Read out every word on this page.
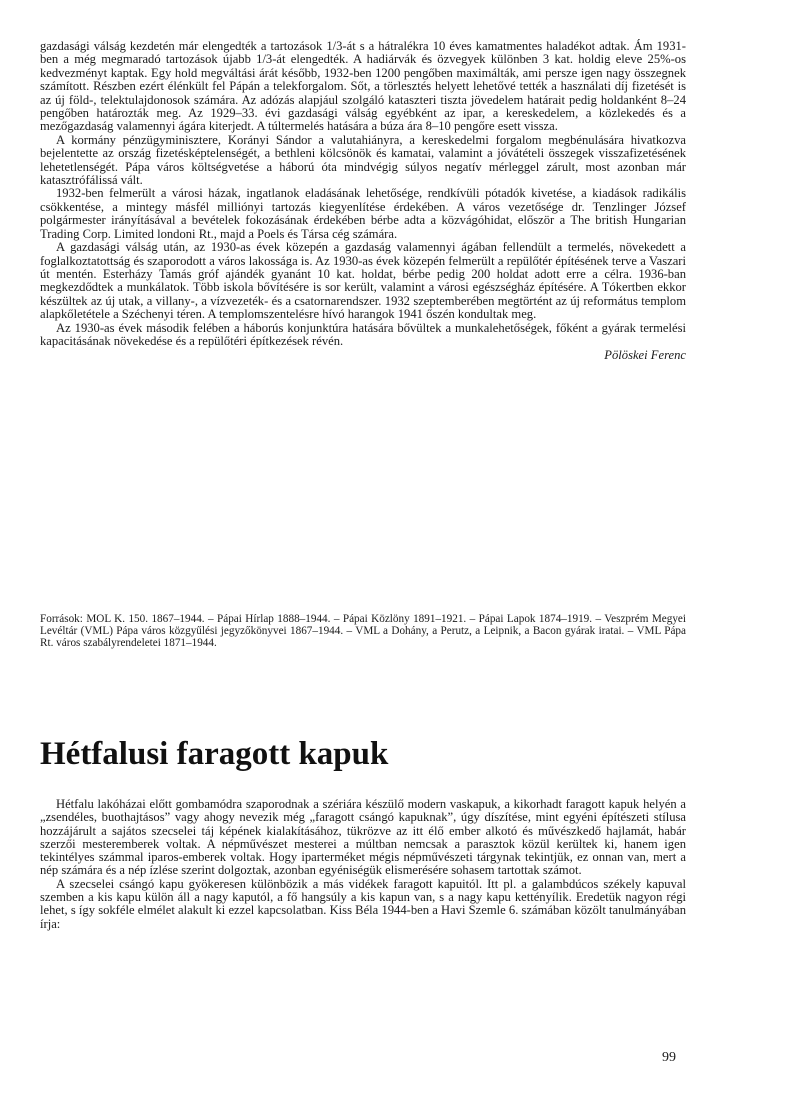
gazdasági válság kezdetén már elengedték a tartozások 1/3-át s a hátralékra 10 éves kamatmentes haladékot adtak. Ám 1931-ben a még megmaradó tartozások újabb 1/3-át elengedték. A hadiárvák és özvegyek különben 3 kat. holdig eleve 25%-os kedvezményt kaptak. Egy hold megváltási árát később, 1932-ben 1200 pengőben maximálták, ami persze igen nagy összegnek számított. Részben ezért élénkült fel Pápán a telekforgalom. Sőt, a törlesztés helyett lehetővé tették a használati díj fizetését is az új föld-, telektulajdonosok számára. Az adózás alapjául szolgáló kataszteri tiszta jövedelem határait pedig holdanként 8–24 pengőben határozták meg. Az 1929–33. évi gazdasági válság egyébként az ipar, a kereskedelem, a közlekedés és a mezőgazdaság valamennyi ágára kiterjedt. A túltermelés hatására a búza ára 8–10 pengőre esett vissza.

A kormány pénzügyminisztere, Korányi Sándor a valutahiányra, a kereskedelmi forgalom megbénulására hivatkozva bejelentette az ország fizetésképtelenségét, a bethleni kölcsönök és kamatai, valamint a jóvátételi összegek visszafizetésének lehetetlenségét. Pápa város költségvetése a háború óta mindvégig súlyos negatív mérleggel zárult, most azonban már katasztrófálissá vált.

1932-ben felmerült a városi házak, ingatlanok eladásának lehetősége, rendkívüli pótadók kivetése, a kiadások radikális csökkentése, a mintegy másfél milliónyi tartozás kiegyenlítése érdekében. A város vezetősége dr. Tenzlinger József polgármester irányításával a bevételek fokozásának érdekében bérbe adta a közvágóhidat, először a The british Hungarian Trading Corp. Limited londoni Rt., majd a Poels és Társa cég számára.

A gazdasági válság után, az 1930-as évek közepén a gazdaság valamennyi ágában fellendült a termelés, növekedett a foglalkoztatottság és szaporodott a város lakossága is. Az 1930-as évek közepén felmerült a repülőtér építésének terve a Vaszari út mentén. Esterházy Tamás gróf ajándék gyanánt 10 kat. holdat, bérbe pedig 200 holdat adott erre a célra. 1936-ban megkezdődtek a munkálatok. Több iskola bővítésére is sor került, valamint a városi egészségház építésére. A Tókertben ekkor készültek az új utak, a villany-, a vízvezeték- és a csatornarendszer. 1932 szeptemberében megtörtént az új református templom alapkőletétele a Széchenyi téren. A templomszentelésre hívó harangok 1941 őszén kondultak meg.

Az 1930-as évek második felében a háborús konjunktúra hatására bővültek a munkalehetőségek, főként a gyárak termelési kapacitásának növekedése és a repülőtéri építkezések révén.

Pölöskei Ferenc

Források: MOL K. 150. 1867–1944. – Pápai Hírlap 1888–1944. – Pápai Közlöny 1891–1921. – Pápai Lapok 1874–1919. – Veszprém Megyei Levéltár (VML) Pápa város közgyűlési jegyzőkönyvei 1867–1944. – VML a Dohány, a Perutz, a Leipnik, a Bacon gyárak iratai. – VML Pápa Rt. város szabályrendeletei 1871–1944.
Hétfalusi faragott kapuk

Hétfalu lakóházai előtt gombamódra szaporodnak a szériára készülő modern vaskapuk, a kikorhadt faragott kapuk helyén a „zsendéles, buothajtásos” vagy ahogy nevezik még „faragott csángó kapuknak”, úgy díszítése, mint egyéni építészeti stílusa hozzájárult a sajátos szecselei táj képének kialakításához, tükrözve az itt élő ember alkotó és művészkedő hajlamát, habár szerzői mesteremberek voltak. A népművészet mesterei a múltban nemcsak a parasztok közül kerültek ki, hanem igen tekintélyes számmal iparos-emberek voltak. Hogy iparterméket mégis népművészeti tárgynak tekintjük, ez onnan van, mert a nép számára és a nép ízlése szerint dolgoztak, azonban egyéniségük elismerésére sohasem tartottak számot.

A szecselei csángó kapu gyökeresen különbözik a más vidékek faragott kapuitól. Itt pl. a galambdúcos székely kapuval szemben a kis kapu külön áll a nagy kaputól, a fő hangsúly a kis kapun van, s a nagy kapu kettényílik. Eredetük nagyon régi lehet, s így sokféle elmélet alakult ki ezzel kapcsolatban. Kiss Béla 1944-ben a Havi Szemle 6. számában közölt tanulmányában írja:

99
